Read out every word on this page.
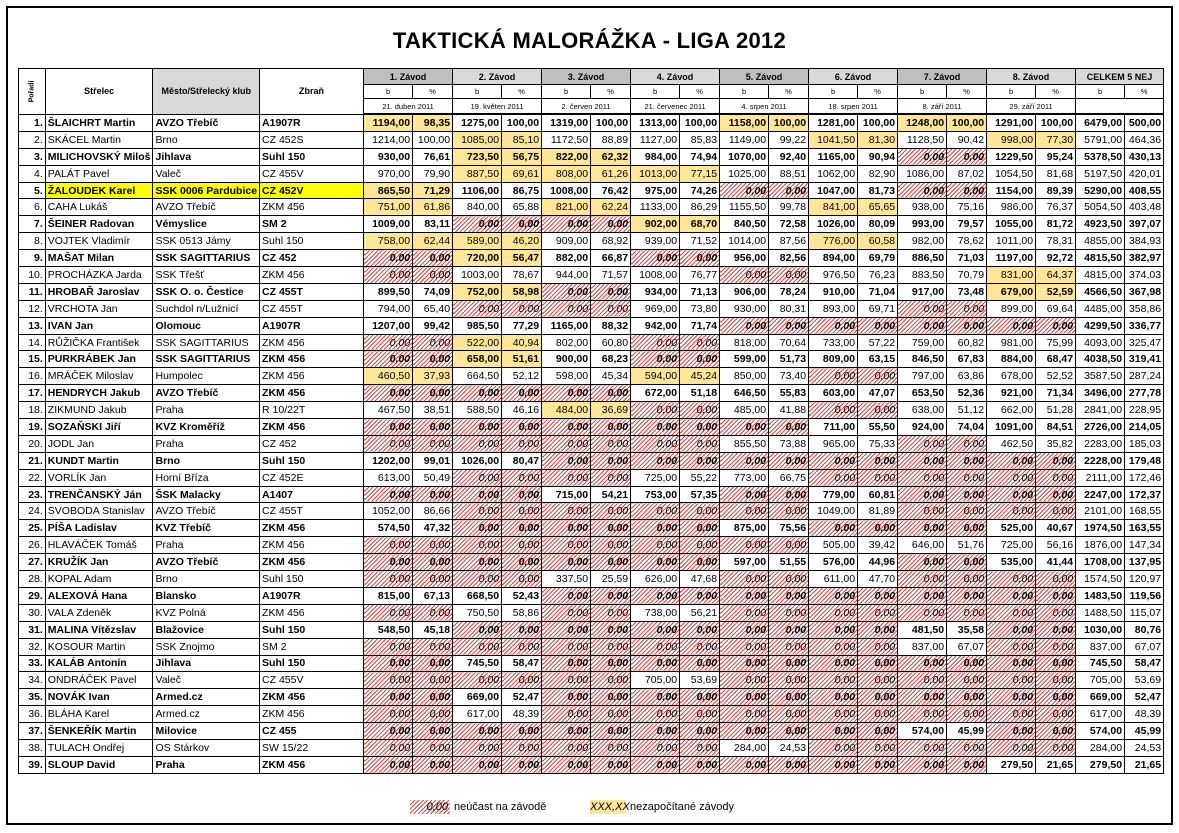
TAKTICKÁ MALORÁŽKA - LIGA 2012
Pořadí	Střelec	Město/Střelecký klub	Zbraň	1. Závod		2. Závod		3. Závod		4. Závod		5. Závod		6. Závod		7. Závod		8. Závod		CELKEM 5 NEJ	
				b	%	b	%	b	%	b	%	b	%	b	%	b	%	b	%	b	%
				21. duben 2011		19. květen 2011		2. červen 2011		21. červenec 2011		4. srpen 2011		18. srpen 2011		8. září 2011		29. září 2011			
1.	ŠLAICHRT Martin	AVZO Třebíč	A1907R	1194,00	98,35	1275,00	100,00	1319,00	100,00	1313,00	100,00	1158,00	100,00	1281,00	100,00	1248,00	100,00	1291,00	100,00	6479,00	500,00
2.	SKÁCEL Martin	Brno	CZ 452S	1214,00	100,00	1085,00	85,10	1172,50	88,89	1127,00	85,83	1149,00	99,22	1041,50	81,30	1128,50	90,42	998,00	77,30	5791,00	464,36
3.	MILICHOVSKÝ Miloš	Jihlava	Suhl 150	930,00	76,61	723,50	56,75	822,00	62,32	984,00	74,94	1070,00	92,40	1165,00	90,94	0,00	0,00	1229,50	95,24	5378,50	430,13
4.	PALÁT Pavel	Valeč	CZ 455V	970,00	79,90	887,50	69,61	808,00	61,26	1013,00	77,15	1025,00	88,51	1062,00	82,90	1086,00	87,02	1054,50	81,68	5197,50	420,01
5.	ŽALOUDEK Karel	SSK 0006 Pardubice	CZ 452V	865,50	71,29	1106,00	86,75	1008,00	76,42	975,00	74,26	0,00	0,00	1047,00	81,73	0,00	0,00	1154,00	89,39	5290,00	408,55
6.	CAHA Lukáš	AVZO Třebíč	ZKM 456	751,00	61,86	840,00	65,88	821,00	62,24	1133,00	86,29	1155,50	99,78	841,00	65,65	938,00	75,16	986,00	76,37	5054,50	403,48
7.	ŠEINER Radovan	Vémyslice	SM 2	1009,00	83,11	0,00	0,00	0,00	0,00	902,00	68,70	840,50	72,58	1026,00	80,09	993,00	79,57	1055,00	81,72	4923,50	397,07
8.	VOJTEK Vladimír	SSK 0513 Jámy	Suhl 150	758,00	62,44	589,00	46,20	909,00	68,92	939,00	71,52	1014,00	87,56	776,00	60,58	982,00	78,62	1011,00	78,31	4855,00	384,93
9.	MAŠAT Milan	SSK SAGITTARIUS	CZ 452	0,00	0,00	720,00	56,47	882,00	66,87	0,00	0,00	956,00	82,56	894,00	69,79	886,50	71,03	1197,00	92,72	4815,50	382,97
10.	PROCHÁZKA Jarda	SSK Třešť	ZKM 456	0,00	0,00	1003,00	78,67	944,00	71,57	1008,00	76,77	0,00	0,00	976,50	76,23	883,50	70,79	831,00	64,37	4815,00	374,03
11.	HROBAŘ Jaroslav	SSK O. o. Čestice	CZ 455T	899,50	74,09	752,00	58,98	0,00	0,00	934,00	71,13	906,00	78,24	910,00	71,04	917,00	73,48	679,00	52,59	4566,50	367,98
12.	VRCHOTA Jan	Suchdol n/Lužnicí	CZ 455T	794,00	65,40	0,00	0,00	0,00	0,00	969,00	73,80	930,00	80,31	893,00	69,71	0,00	0,00	899,00	69,64	4485,00	358,86
13.	IVAN Jan	Olomouc	A1907R	1207,00	99,42	985,50	77,29	1165,00	88,32	942,00	71,74	0,00	0,00	0,00	0,00	0,00	0,00	0,00	0,00	4299,50	336,77
14.	RŮŽIČKA František	SSK SAGITTARIUS	ZKM 456	0,00	0,00	522,00	40,94	802,00	60,80	0,00	0,00	818,00	70,64	733,00	57,22	759,00	60,82	981,00	75,99	4093,00	325,47
15.	PURKRÁBEK Jan	SSK SAGITTARIUS	ZKM 456	0,00	0,00	658,00	51,61	900,00	68,23	0,00	0,00	599,00	51,73	809,00	63,15	846,50	67,83	884,00	68,47	4038,50	319,41
16.	MRÁČEK Miloslav	Humpolec	ZKM 456	460,50	37,93	664,50	52,12	598,00	45,34	594,00	45,24	850,00	73,40	0,00	0,00	797,00	63,86	678,00	52,52	3587,50	287,24
17.	HENDRYCH Jakub	AVZO Třebíč	ZKM 456	0,00	0,00	0,00	0,00	0,00	0,00	672,00	51,18	646,50	55,83	603,00	47,07	653,50	52,36	921,00	71,34	3496,00	277,78
18.	ZIKMUND Jakub	Praha	R 10/22T	467,50	38,51	588,50	46,16	484,00	36,69	0,00	0,00	485,00	41,88	0,00	0,00	638,00	51,12	662,00	51,28	2841,00	228,95
19.	SOZAŇSKI Jiří	KVZ Kroměříž	ZKM 456	0,00	0,00	0,00	0,00	0,00	0,00	0,00	0,00	0,00	0,00	711,00	55,50	924,00	74,04	1091,00	84,51	2726,00	214,05
20.	JODL Jan	Praha	CZ 452	0,00	0,00	0,00	0,00	0,00	0,00	0,00	0,00	855,50	73,88	965,00	75,33	0,00	0,00	462,50	35,82	2283,00	185,03
21.	KUNDT Martin	Brno	Suhl 150	1202,00	99,01	1026,00	80,47	0,00	0,00	0,00	0,00	0,00	0,00	0,00	0,00	0,00	0,00	0,00	0,00	2228,00	179,48
22.	VORLÍK Jan	Horní Bříza	CZ 452E	613,00	50,49	0,00	0,00	0,00	0,00	725,00	55,22	773,00	66,75	0,00	0,00	0,00	0,00	0,00	0,00	2111,00	172,46
23.	TRENČANSKÝ Ján	ŠSK Malacky	A1407	0,00	0,00	0,00	0,00	715,00	54,21	753,00	57,35	0,00	0,00	779,00	60,81	0,00	0,00	0,00	0,00	2247,00	172,37
24.	SVOBODA Stanislav	AVZO Třebíč	CZ 455T	1052,00	86,66	0,00	0,00	0,00	0,00	0,00	0,00	0,00	0,00	1049,00	81,89	0,00	0,00	0,00	0,00	2101,00	168,55
25.	PÍŠA Ladislav	KVZ Třebíč	ZKM 456	574,50	47,32	0,00	0,00	0,00	0,00	0,00	0,00	875,00	75,56	0,00	0,00	0,00	0,00	525,00	40,67	1974,50	163,55
26.	HLAVÁČEK Tomáš	Praha	ZKM 456	0,00	0,00	0,00	0,00	0,00	0,00	0,00	0,00	0,00	0,00	505,00	39,42	646,00	51,76	725,00	56,16	1876,00	147,34
27.	KRUŽÍK Jan	AVZO Třebíč	ZKM 456	0,00	0,00	0,00	0,00	0,00	0,00	0,00	0,00	597,00	51,55	576,00	44,96	0,00	0,00	535,00	41,44	1708,00	137,95
28.	KOPAL Adam	Brno	Suhl 150	0,00	0,00	0,00	0,00	337,50	25,59	626,00	47,68	0,00	0,00	611,00	47,70	0,00	0,00	0,00	0,00	1574,50	120,97
29.	ALEXOVÁ Hana	Blansko	A1907R	815,00	67,13	668,50	52,43	0,00	0,00	0,00	0,00	0,00	0,00	0,00	0,00	0,00	0,00	0,00	0,00	1483,50	119,56
30.	VALA Zdeněk	KVZ Polná	ZKM 456	0,00	0,00	750,50	58,86	0,00	0,00	738,00	56,21	0,00	0,00	0,00	0,00	0,00	0,00	0,00	0,00	1488,50	115,07
31.	MALINA Vítězslav	Blažovice	Suhl 150	548,50	45,18	0,00	0,00	0,00	0,00	0,00	0,00	0,00	0,00	0,00	0,00	481,50	35,58	0,00	0,00	1030,00	80,76
32.	KOSOUR Martin	SSK Znojmo	SM 2	0,00	0,00	0,00	0,00	0,00	0,00	0,00	0,00	0,00	0,00	0,00	0,00	837,00	67,07	0,00	0,00	837,00	67,07
33.	KALÁB Antonín	Jihlava	Suhl 150	0,00	0,00	745,50	58,47	0,00	0,00	0,00	0,00	0,00	0,00	0,00	0,00	0,00	0,00	0,00	0,00	745,50	58,47
34.	ONDRÁČEK Pavel	Valeč	CZ 455V	0,00	0,00	0,00	0,00	0,00	0,00	705,00	53,69	0,00	0,00	0,00	0,00	0,00	0,00	0,00	0,00	705,00	53,69
35.	NOVÁK Ivan	Armed.cz	ZKM 456	0,00	0,00	669,00	52,47	0,00	0,00	0,00	0,00	0,00	0,00	0,00	0,00	0,00	0,00	0,00	0,00	669,00	52,47
36.	BLÁHA Karel	Armed.cz	ZKM 456	0,00	0,00	617,00	48,39	0,00	0,00	0,00	0,00	0,00	0,00	0,00	0,00	0,00	0,00	0,00	0,00	617,00	48,39
37.	ŠENKEŘÍK Martin	Milovice	CZ 455	0,00	0,00	0,00	0,00	0,00	0,00	0,00	0,00	0,00	0,00	0,00	0,00	574,00	45,99	0,00	0,00	574,00	45,99
38.	TULACH Ondřej	OS Stárkov	SW 15/22	0,00	0,00	0,00	0,00	0,00	0,00	0,00	0,00	284,00	24,53	0,00	0,00	0,00	0,00	0,00	0,00	284,00	24,53
39.	SLOUP David	Praha	ZKM 456	0,00	0,00	0,00	0,00	0,00	0,00	0,00	0,00	0,00	0,00	0,00	0,00	0,00	0,00	279,50	21,65	279,50	21,65
0,00 neúčast na závodě	XXX,XX nezapočítané závody
